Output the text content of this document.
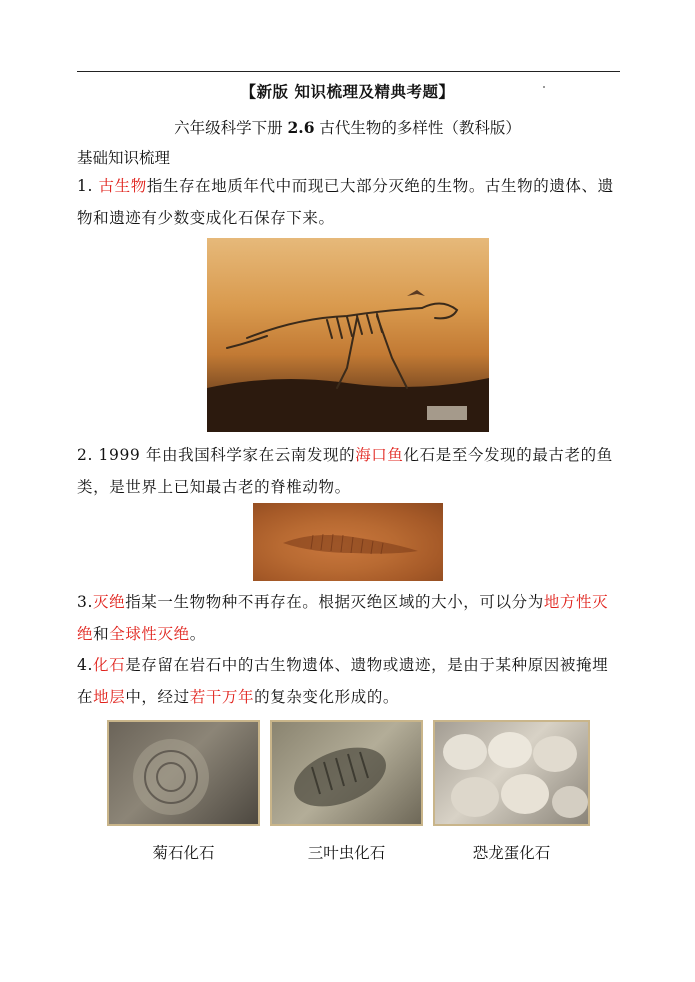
【新版 知识梳理及精典考题】
六年级科学下册 2.6 古代生物的多样性（教科版）
基础知识梳理
1. 古生物指生存在地质年代中而现已大部分灭绝的生物。古生物的遗体、遗物和遗迹有少数变成化石保存下来。
2. 1999 年由我国科学家在云南发现的海口鱼化石是至今发现的最古老的鱼类，是世界上已知最古老的脊椎动物。
3.灭绝指某一生物物种不再存在。根据灭绝区域的大小，可以分为地方性灭绝和全球性灭绝。
4.化石是存留在岩石中的古生物遗体、遗物或遗迹，是由于某种原因被掩埋在地层中，经过若干万年的复杂变化形成的。
菊石化石	三叶虫化石	恐龙蛋化石
